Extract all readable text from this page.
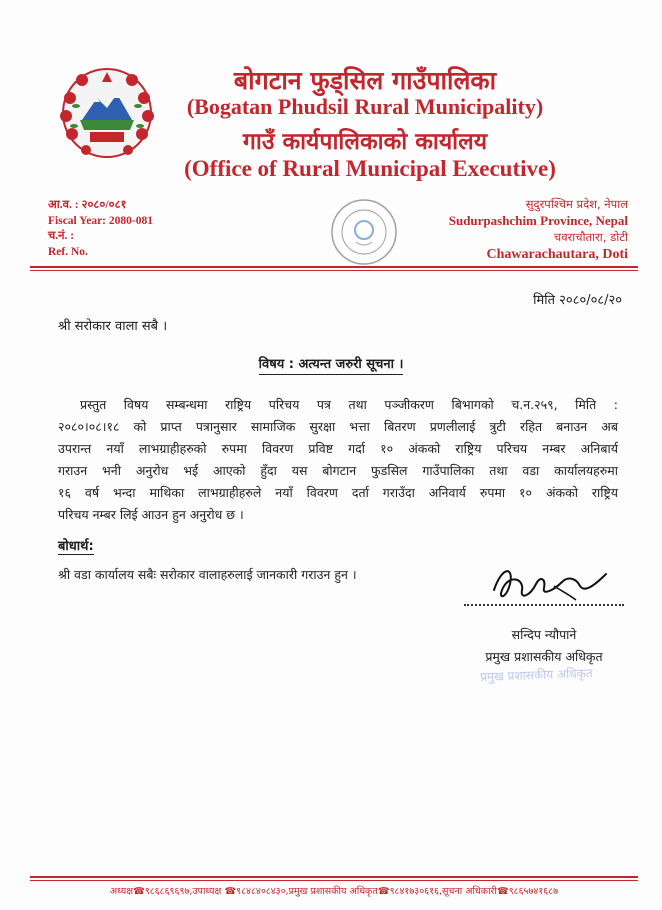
बोगटान फुड्सिल गाउँपालिका
(Bogatan Phudsil Rural Municipality)
गाउँ कार्यपालिकाको कार्यालय
(Office of Rural Municipal Executive)
आ.व. : २०८०/०८१
Fiscal Year: 2080-081
च.नं. :
Ref. No.
सुदुरपश्चिम प्रदेश, नेपाल
Sudurpashchim Province, Nepal
चवराचौतारा, डोटी
Chawarachautara, Doti
मिति २०८०/०८/२०
श्री सरोकार वाला सबै ।
विषय : अत्यन्त जरुरी सूचना ।
प्रस्तुत विषय सम्बन्धमा राष्ट्रिय परिचय पत्र तथा पञ्जीकरण बिभागको च.न.२५९, मिति :
२०८०।०८।१८ को प्राप्त पत्रानुसार सामाजिक सुरक्षा भत्ता बितरण प्रणलीलाई त्रुटी रहित बनाउन अब
उपरान्त नयाँ लाभग्राहीहरुको रुपमा विवरण प्रविष्ट गर्दा १० अंकको राष्ट्रिय परिचय नम्बर अनिबार्य
गराउन भनी अनुरोध भई आएको हुँदा यस बोगटान फुडसिल गाउँपालिका तथा वडा कार्यालयहरुमा
१६ वर्ष भन्दा माथिका लाभग्राहीहरुले नयाँ विवरण दर्ता गराउँदा अनिवार्य रुपमा १० अंकको राष्ट्रिय
परिचय नम्बर लिई आउन हुन अनुरोध छ ।
बोधार्थ:
श्री वडा कार्यालय सबैः सरोकार वालाहरुलाई जानकारी गराउन हुन ।
सन्दिप न्यौपाने
प्रमुख प्रशासकीय अधिकृत
प्रमुख प्रशासकीय अधिकृत
अध्यक्ष☎९८६८६९६९७,उपाध्यक्ष ☎९८४८४०८४३०,प्रमुख प्रशासकीय अधिकृत☎९८४१७३०६१६,सूचना अधिकारी☎९८६५७४१६८७
